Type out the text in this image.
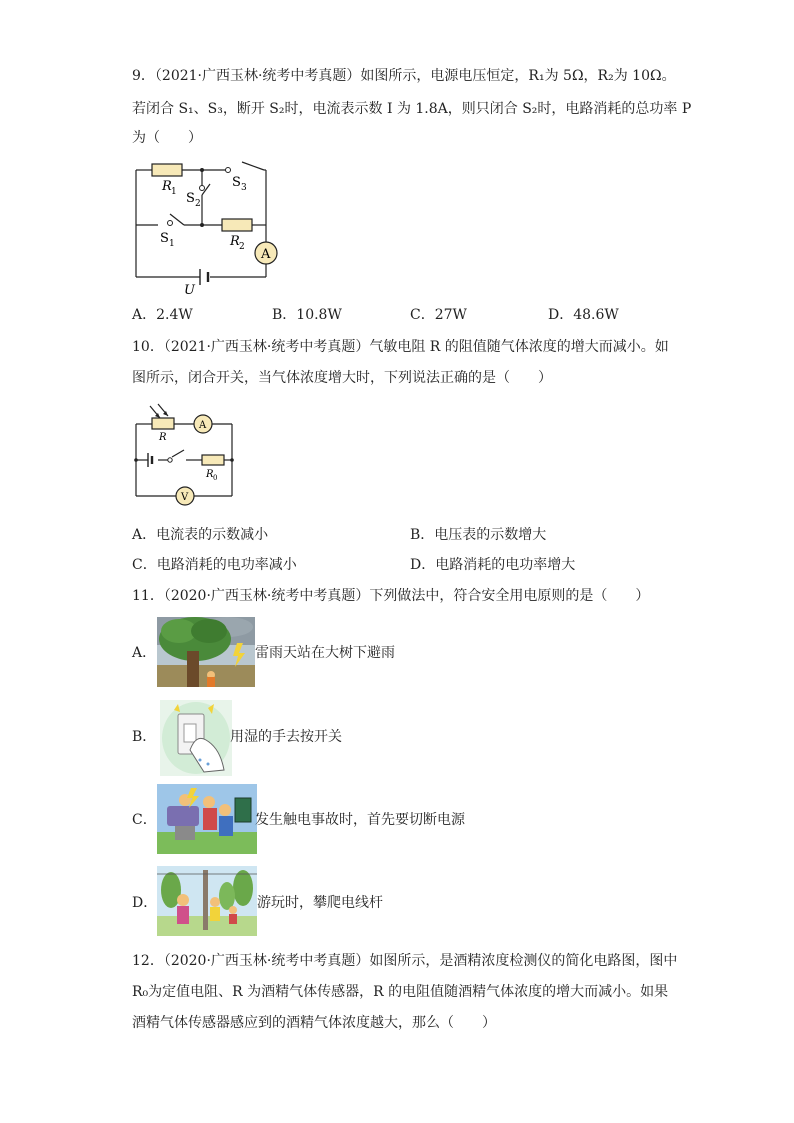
9．（2021·广西玉林·统考中考真题）如图所示，电源电压恒定，R₁为 5Ω，R₂为 10Ω。
若闭合 S₁、S₃，断开 S₂时，电流表示数 I 为 1.8A，则只闭合 S₂时，电路消耗的总功率 P
为（　　）
R 1
S 3
S 2
S 1	R 2 A
U
A．2.4W	B．10.8W	C．27W	D．48.6W
10．（2021·广西玉林·统考中考真题）气敏电阻 R 的阻值随气体浓度的增大而减小。如
图所示，闭合开关，当气体浓度增大时，下列说法正确的是（　　）
R
A
R 0
V
A．电流表的示数减小	B．电压表的示数增大
C．电路消耗的电功率减小	D．电路消耗的电功率增大
11．（2020·广西玉林·统考中考真题）下列做法中，符合安全用电原则的是（　　）
A．	雷雨天站在大树下避雨
B．	用湿的手去按开关
C．	发生触电事故时，首先要切断电源
D．	游玩时，攀爬电线杆
12．（2020·广西玉林·统考中考真题）如图所示，是酒精浓度检测仪的简化电路图，图中
R₀为定值电阻、R 为酒精气体传感器，R 的电阻值随酒精气体浓度的增大而减小。如果
酒精气体传感器感应到的酒精气体浓度越大，那么（　　）
